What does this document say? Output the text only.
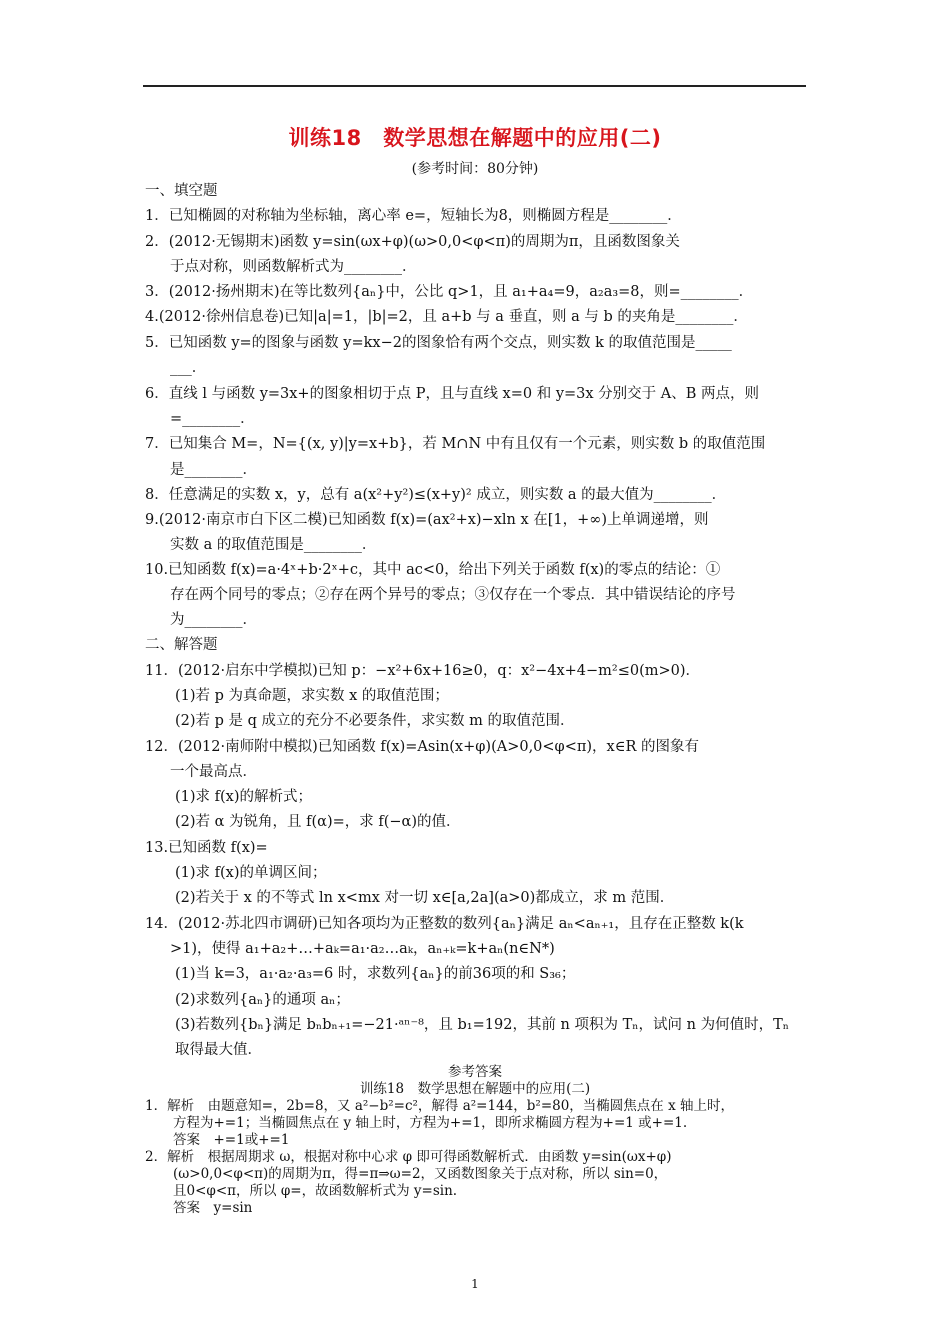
训练18　数学思想在解题中的应用(二)
(参考时间：80分钟)
一、填空题
1．已知椭圆的对称轴为坐标轴，离心率 e=，短轴长为8，则椭圆方程是________．
2．(2012·无锡期末)函数 y=sin(ωx+φ)(ω>0,0<φ<π)的周期为π，且函数图象关
于点对称，则函数解析式为________．
3．(2012·扬州期末)在等比数列{aₙ}中，公比 q>1，且 a₁+a₄=9，a₂a₃=8，则=________．
4.(2012·徐州信息卷)已知|a|=1，|b|=2，且 a+b 与 a 垂直，则 a 与 b 的夹角是________．
5．已知函数 y=的图象与函数 y=kx−2的图象恰有两个交点，则实数 k 的取值范围是_____
___．
6．直线 l 与函数 y=3x+的图象相切于点 P，且与直线 x=0 和 y=3x 分别交于 A、B 两点，则
=________．
7．已知集合 M=，N={(x, y)|y=x+b}，若 M∩N 中有且仅有一个元素，则实数 b 的取值范围
是________．
8．任意满足的实数 x，y，总有 a(x²+y²)≤(x+y)² 成立，则实数 a 的最大值为________．
9.(2012·南京市白下区二模)已知函数 f(x)=(ax²+x)−xln x 在[1，+∞)上单调递增，则
实数 a 的取值范围是________．
10.已知函数 f(x)=a·4ˣ+b·2ˣ+c，其中 ac<0，给出下列关于函数 f(x)的零点的结论：①
存在两个同号的零点；②存在两个异号的零点；③仅存在一个零点．其中错误结论的序号
为________．
二、解答题
11．(2012·启东中学模拟)已知 p：−x²+6x+16≥0，q：x²−4x+4−m²≤0(m>0)．
(1)若 p 为真命题，求实数 x 的取值范围；
(2)若 p 是 q 成立的充分不必要条件，求实数 m 的取值范围．
12．(2012·南师附中模拟)已知函数 f(x)=Asin(x+φ)(A>0,0<φ<π)，x∈R 的图象有
一个最高点．
(1)求 f(x)的解析式；
(2)若 α 为锐角，且 f(α)=，求 f(−α)的值．
13.已知函数 f(x)=
(1)求 f(x)的单调区间；
(2)若关于 x 的不等式 ln x<mx 对一切 x∈[a,2a](a>0)都成立，求 m 范围．
14．(2012·苏北四市调研)已知各项均为正整数的数列{aₙ}满足 aₙ<aₙ₊₁，且存在正整数 k(k
>1)，使得 a₁+a₂+…+aₖ=a₁·a₂…aₖ，aₙ₊ₖ=k+aₙ(n∈N*)
(1)当 k=3，a₁·a₂·a₃=6 时，求数列{aₙ}的前36项的和 S₃₆；
(2)求数列{aₙ}的通项 aₙ；
(3)若数列{bₙ}满足 bₙbₙ₊₁=−21·ᵃⁿ⁻⁸，且 b₁=192，其前 n 项积为 Tₙ，试问 n 为何值时，Tₙ
取得最大值．
参考答案
训练18　数学思想在解题中的应用(二)
1．解析　由题意知=，2b=8，又 a²−b²=c²，解得 a²=144，b²=80，当椭圆焦点在 x 轴上时，
方程为+=1；当椭圆焦点在 y 轴上时，方程为+=1，即所求椭圆方程为+=1 或+=1.
答案　+=1或+=1
2．解析　根据周期求 ω，根据对称中心求 φ 即可得函数解析式．由函数 y=sin(ωx+φ)
(ω>0,0<φ<π)的周期为π，得=π⇒ω=2，又函数图象关于点对称，所以 sin=0，
且0<φ<π，所以 φ=，故函数解析式为 y=sin.
答案　y=sin
1
